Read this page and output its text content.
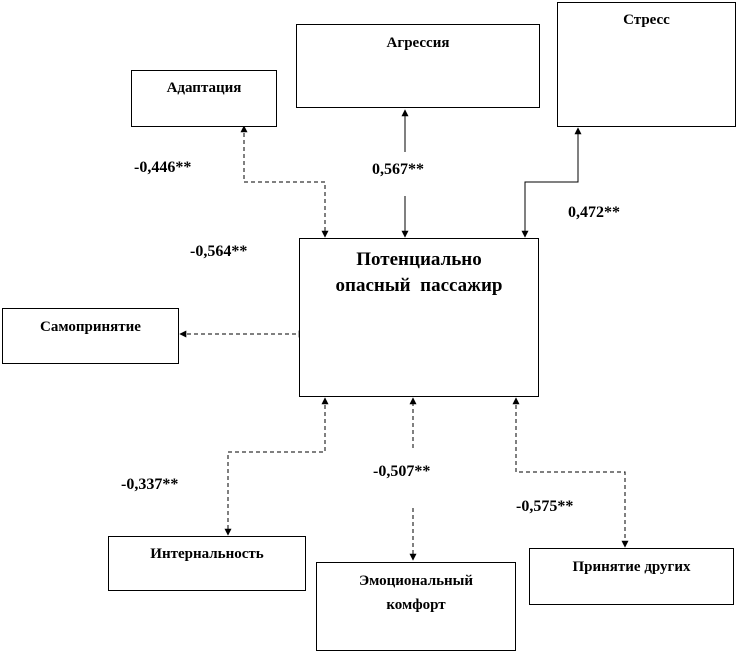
Адаптация
Агрессия
Стресс
Потенциально
опасный  пассажир
Самопринятие
Интернальность
Эмоциональный
комфорт
Принятие других
-0,446**	0,567**
0,472**
-0,564**
-0,337**
-0,507**
-0,575**
